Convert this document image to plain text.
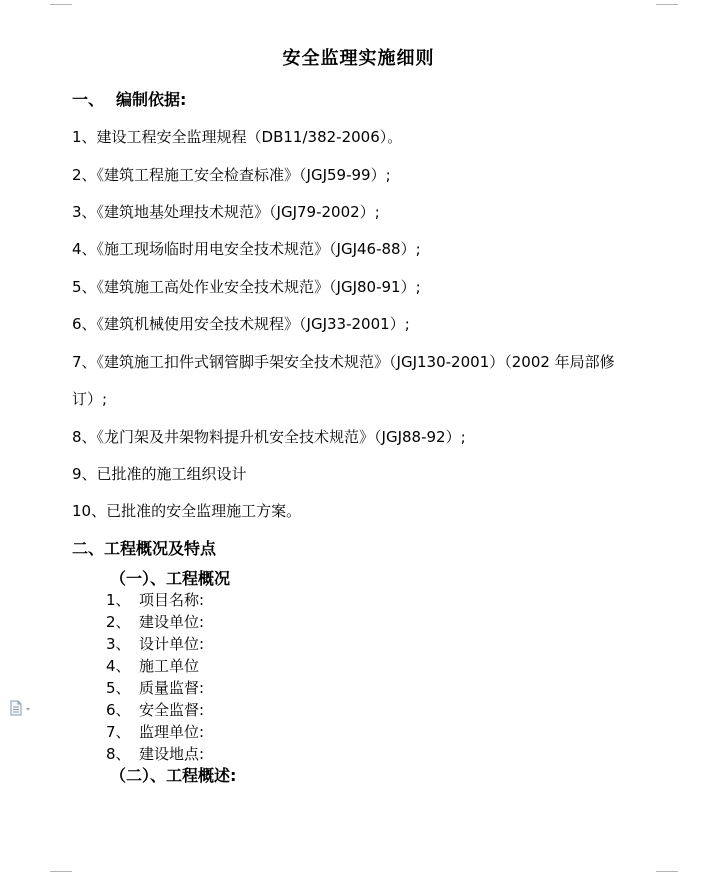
安全监理实施细则
一、 编制依据:
1、建设工程安全监理规程（DB11/382-2006）。
2、《建筑工程施工安全检查标准》（JGJ59-99）;
3、《建筑地基处理技术规范》（JGJ79-2002）;
4、《施工现场临时用电安全技术规范》（JGJ46-88）;
5、《建筑施工高处作业安全技术规范》（JGJ80-91）;
6、《建筑机械使用安全技术规程》（JGJ33-2001）;
7、《建筑施工扣件式钢管脚手架安全技术规范》（JGJ130-2001）（2002 年局部修
订）;
8、《龙门架及井架物料提升机安全技术规范》（JGJ88-92）;
9、已批准的施工组织设计
10、已批准的安全监理施工方案。
二、工程概况及特点
（一）、工程概况
1、 项目名称:
2、 建设单位:
3、 设计单位:
4、 施工单位
5、 质量监督:
6、 安全监督:
7、 监理单位:
8、 建设地点:
（二）、工程概述:
